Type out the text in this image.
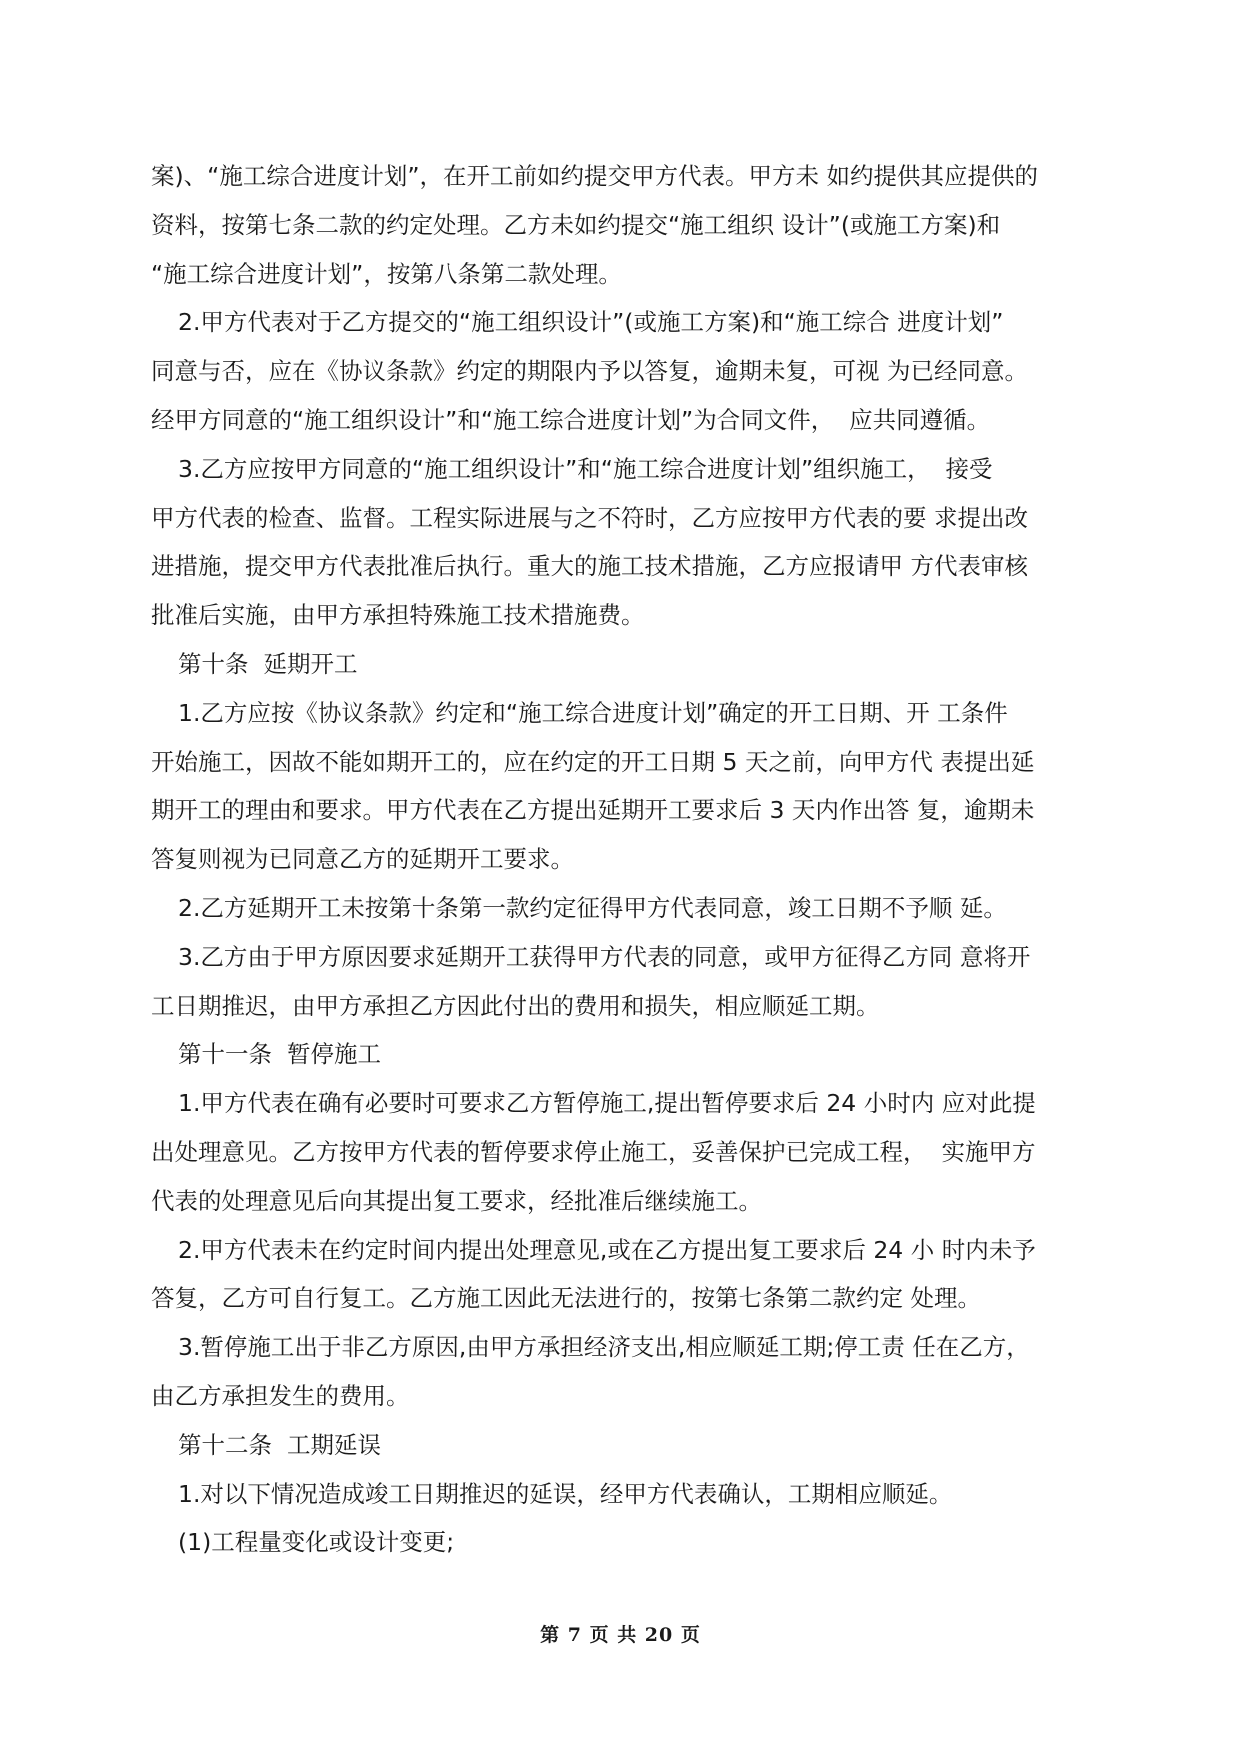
案)、“施工综合进度计划”，在开工前如约提交甲方代表。甲方未 如约提供其应提供的
资料，按第七条二款的约定处理。乙方未如约提交“施工组织 设计”(或施工方案)和
“施工综合进度计划”，按第八条第二款处理。
2.甲方代表对于乙方提交的“施工组织设计”(或施工方案)和“施工综合 进度计划”
同意与否，应在《协议条款》约定的期限内予以答复，逾期未复，可视 为已经同意。
经甲方同意的“施工组织设计”和“施工综合进度计划”为合同文件，  应共同遵循。
3.乙方应按甲方同意的“施工组织设计”和“施工综合进度计划”组织施工，  接受
甲方代表的检查、监督。工程实际进展与之不符时，乙方应按甲方代表的要 求提出改
进措施，提交甲方代表批准后执行。重大的施工技术措施，乙方应报请甲 方代表审核
批准后实施，由甲方承担特殊施工技术措施费。
第十条  延期开工
1.乙方应按《协议条款》约定和“施工综合进度计划”确定的开工日期、开 工条件
开始施工，因故不能如期开工的，应在约定的开工日期 5 天之前，向甲方代 表提出延
期开工的理由和要求。甲方代表在乙方提出延期开工要求后 3 天内作出答 复，逾期未
答复则视为已同意乙方的延期开工要求。
2.乙方延期开工未按第十条第一款约定征得甲方代表同意，竣工日期不予顺 延。
3.乙方由于甲方原因要求延期开工获得甲方代表的同意，或甲方征得乙方同 意将开
工日期推迟，由甲方承担乙方因此付出的费用和损失，相应顺延工期。
第十一条  暂停施工
1.甲方代表在确有必要时可要求乙方暂停施工,提出暂停要求后 24 小时内 应对此提
出处理意见。乙方按甲方代表的暂停要求停止施工，妥善保护已完成工程，  实施甲方
代表的处理意见后向其提出复工要求，经批准后继续施工。
2.甲方代表未在约定时间内提出处理意见,或在乙方提出复工要求后 24 小 时内未予
答复，乙方可自行复工。乙方施工因此无法进行的，按第七条第二款约定 处理。
3.暂停施工出于非乙方原因,由甲方承担经济支出,相应顺延工期;停工责 任在乙方，
由乙方承担发生的费用。
第十二条  工期延误
1.对以下情况造成竣工日期推迟的延误，经甲方代表确认，工期相应顺延。
(1)工程量变化或设计变更;
第 7 页 共 20 页
